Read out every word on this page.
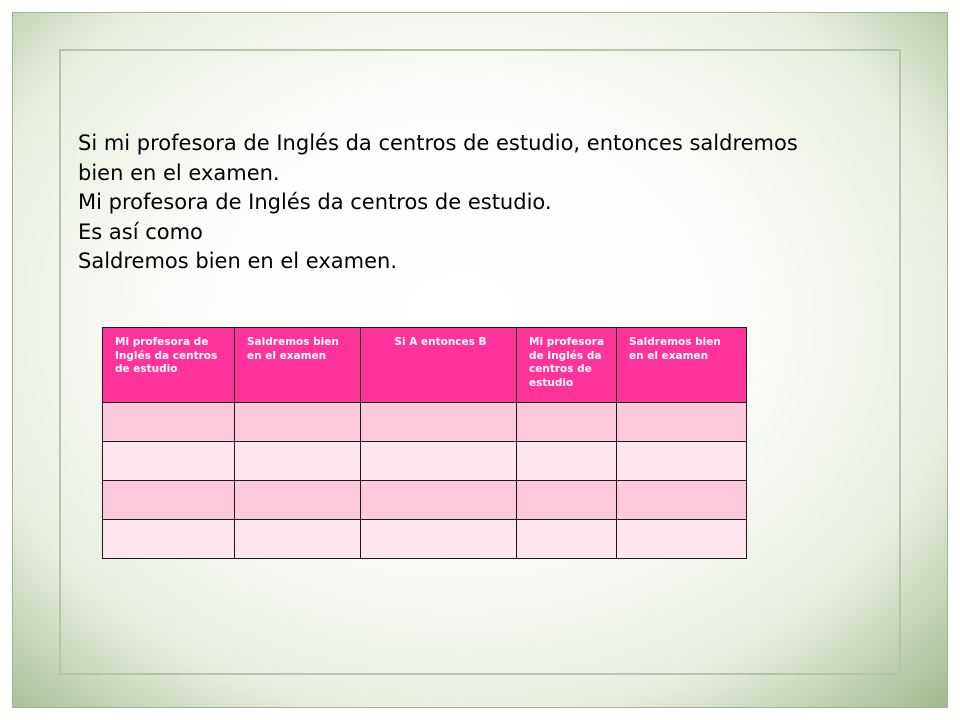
Si mi profesora de Inglés da centros de estudio, entonces saldremos
bien en el examen.
Mi profesora de Inglés da centros de estudio.
Es así como
Saldremos bien en el examen.
Mi profesora de Inglés da centros de estudio	Saldremos bien en el examen	Si A entonces B	Mi profesora de Inglés da centros de estudio	Saldremos bien en el examen
